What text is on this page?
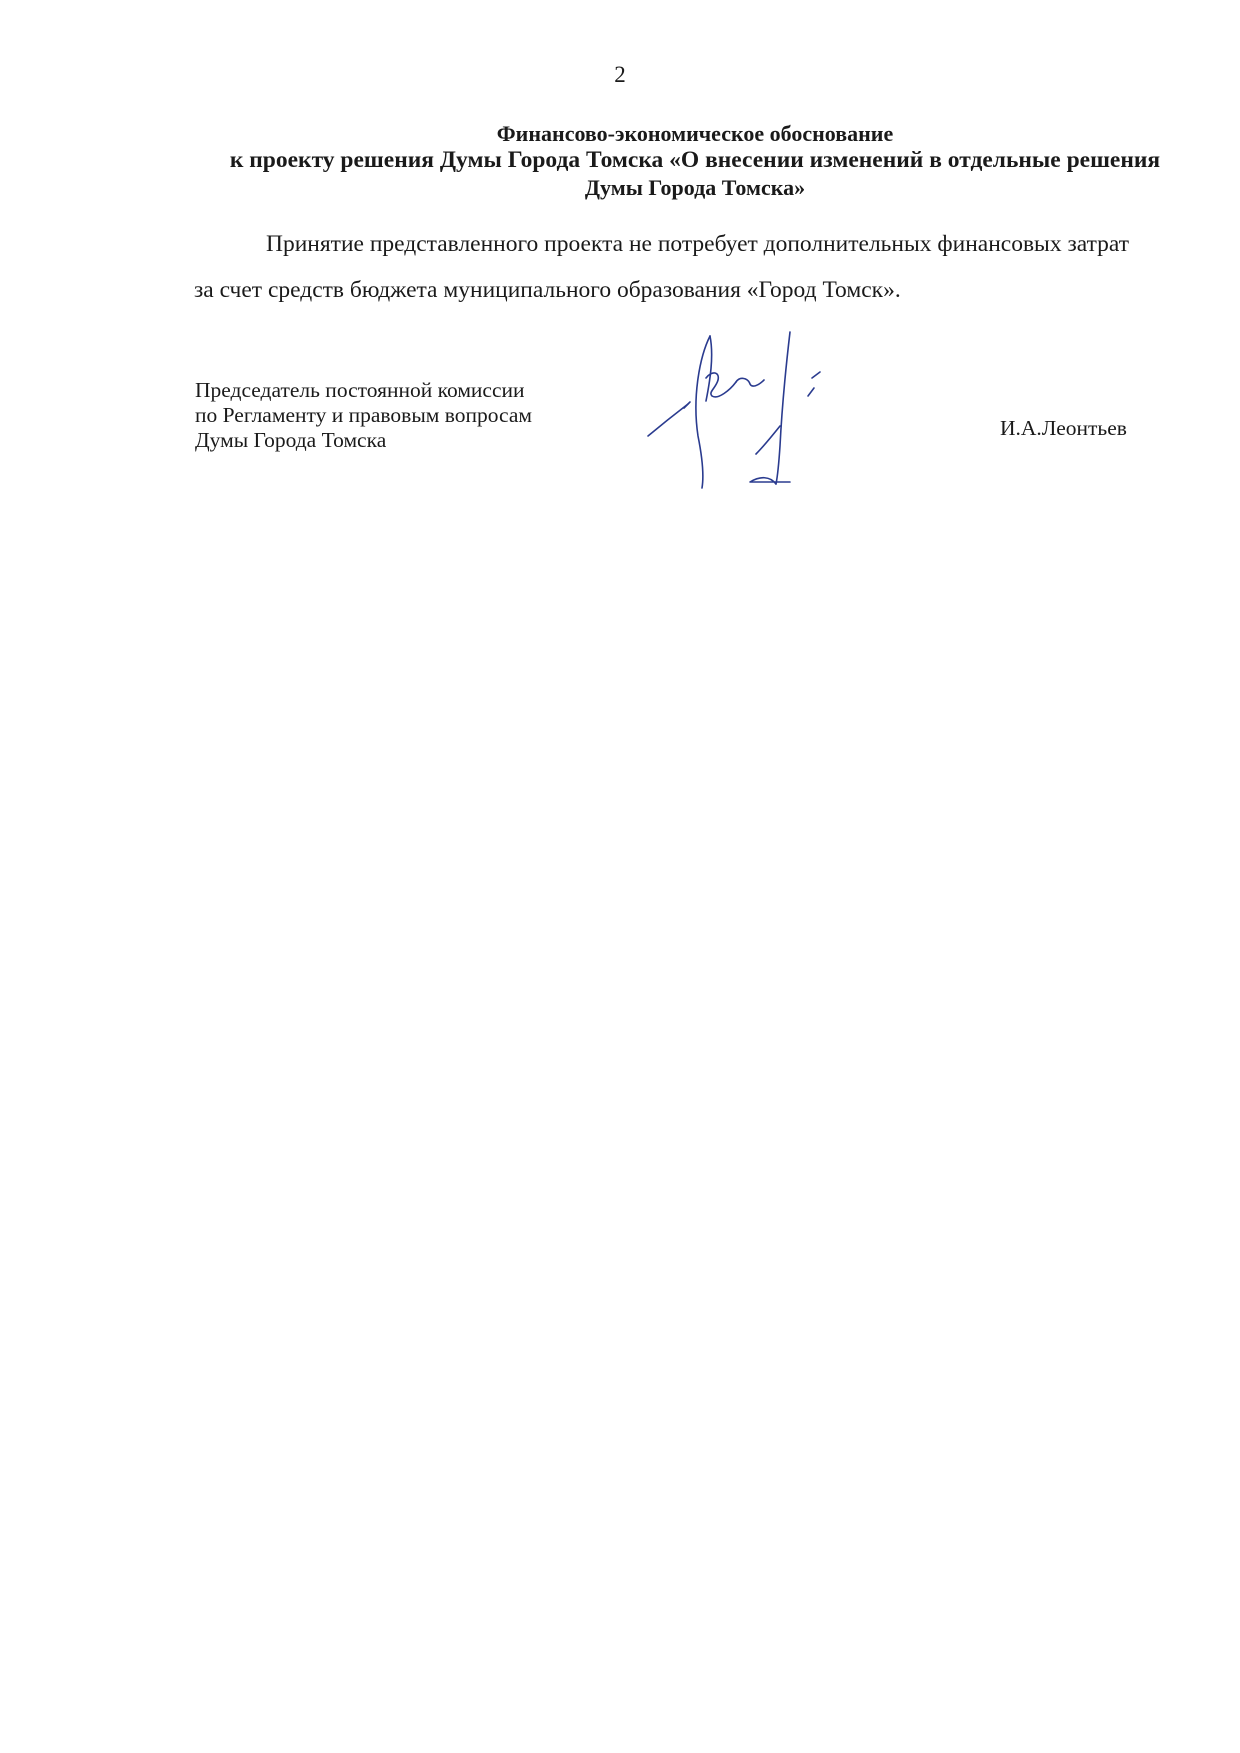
2
Финансово-экономическое обоснование
к проекту решения Думы Города Томска «О внесении изменений в отдельные решения
Думы Города Томска»
Принятие представленного проекта не потребует дополнительных финансовых затрат
за счет средств бюджета муниципального образования «Город Томск».
Председатель постоянной комиссии
по Регламенту и правовым вопросам
Думы Города Томска	И.А.Леонтьев
